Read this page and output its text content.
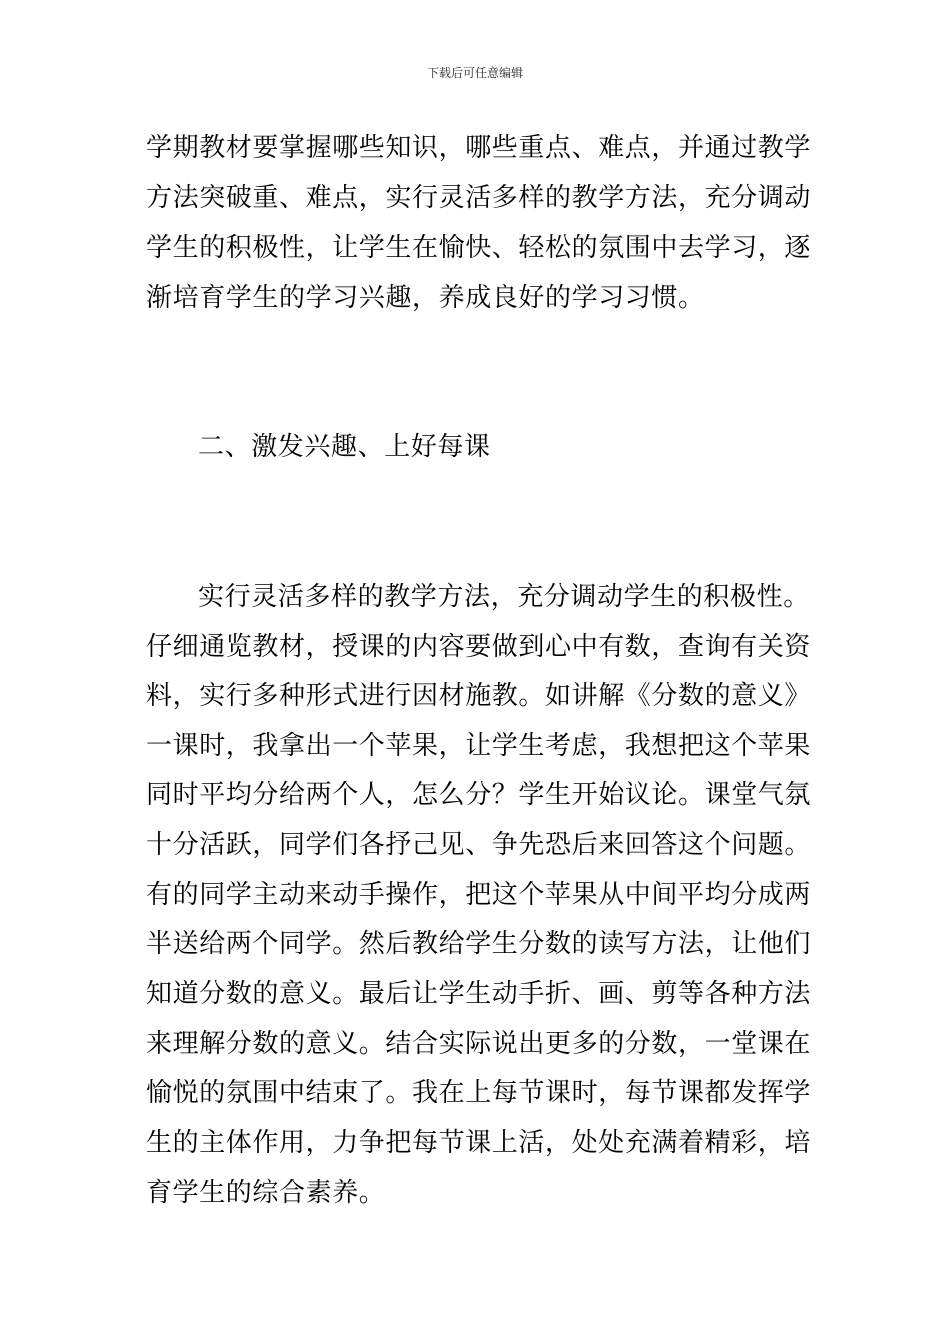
下载后可任意编辑
学期教材要掌握哪些知识，哪些重点、难点，并通过教学
方法突破重、难点，实行灵活多样的教学方法，充分调动
学生的积极性，让学生在愉快、轻松的氛围中去学习，逐
渐培育学生的学习兴趣，养成良好的学习习惯。
二、激发兴趣、上好每课
实行灵活多样的教学方法，充分调动学生的积极性。
仔细通览教材，授课的内容要做到心中有数，查询有关资
料，实行多种形式进行因材施教。如讲解《分数的意义》
一课时，我拿出一个苹果，让学生考虑，我想把这个苹果
同时平均分给两个人，怎么分？学生开始议论。课堂气氛
十分活跃，同学们各抒己见、争先恐后来回答这个问题。
有的同学主动来动手操作，把这个苹果从中间平均分成两
半送给两个同学。然后教给学生分数的读写方法，让他们
知道分数的意义。最后让学生动手折、画、剪等各种方法
来理解分数的意义。结合实际说出更多的分数，一堂课在
愉悦的氛围中结束了。我在上每节课时，每节课都发挥学
生的主体作用，力争把每节课上活，处处充满着精彩，培
育学生的综合素养。
